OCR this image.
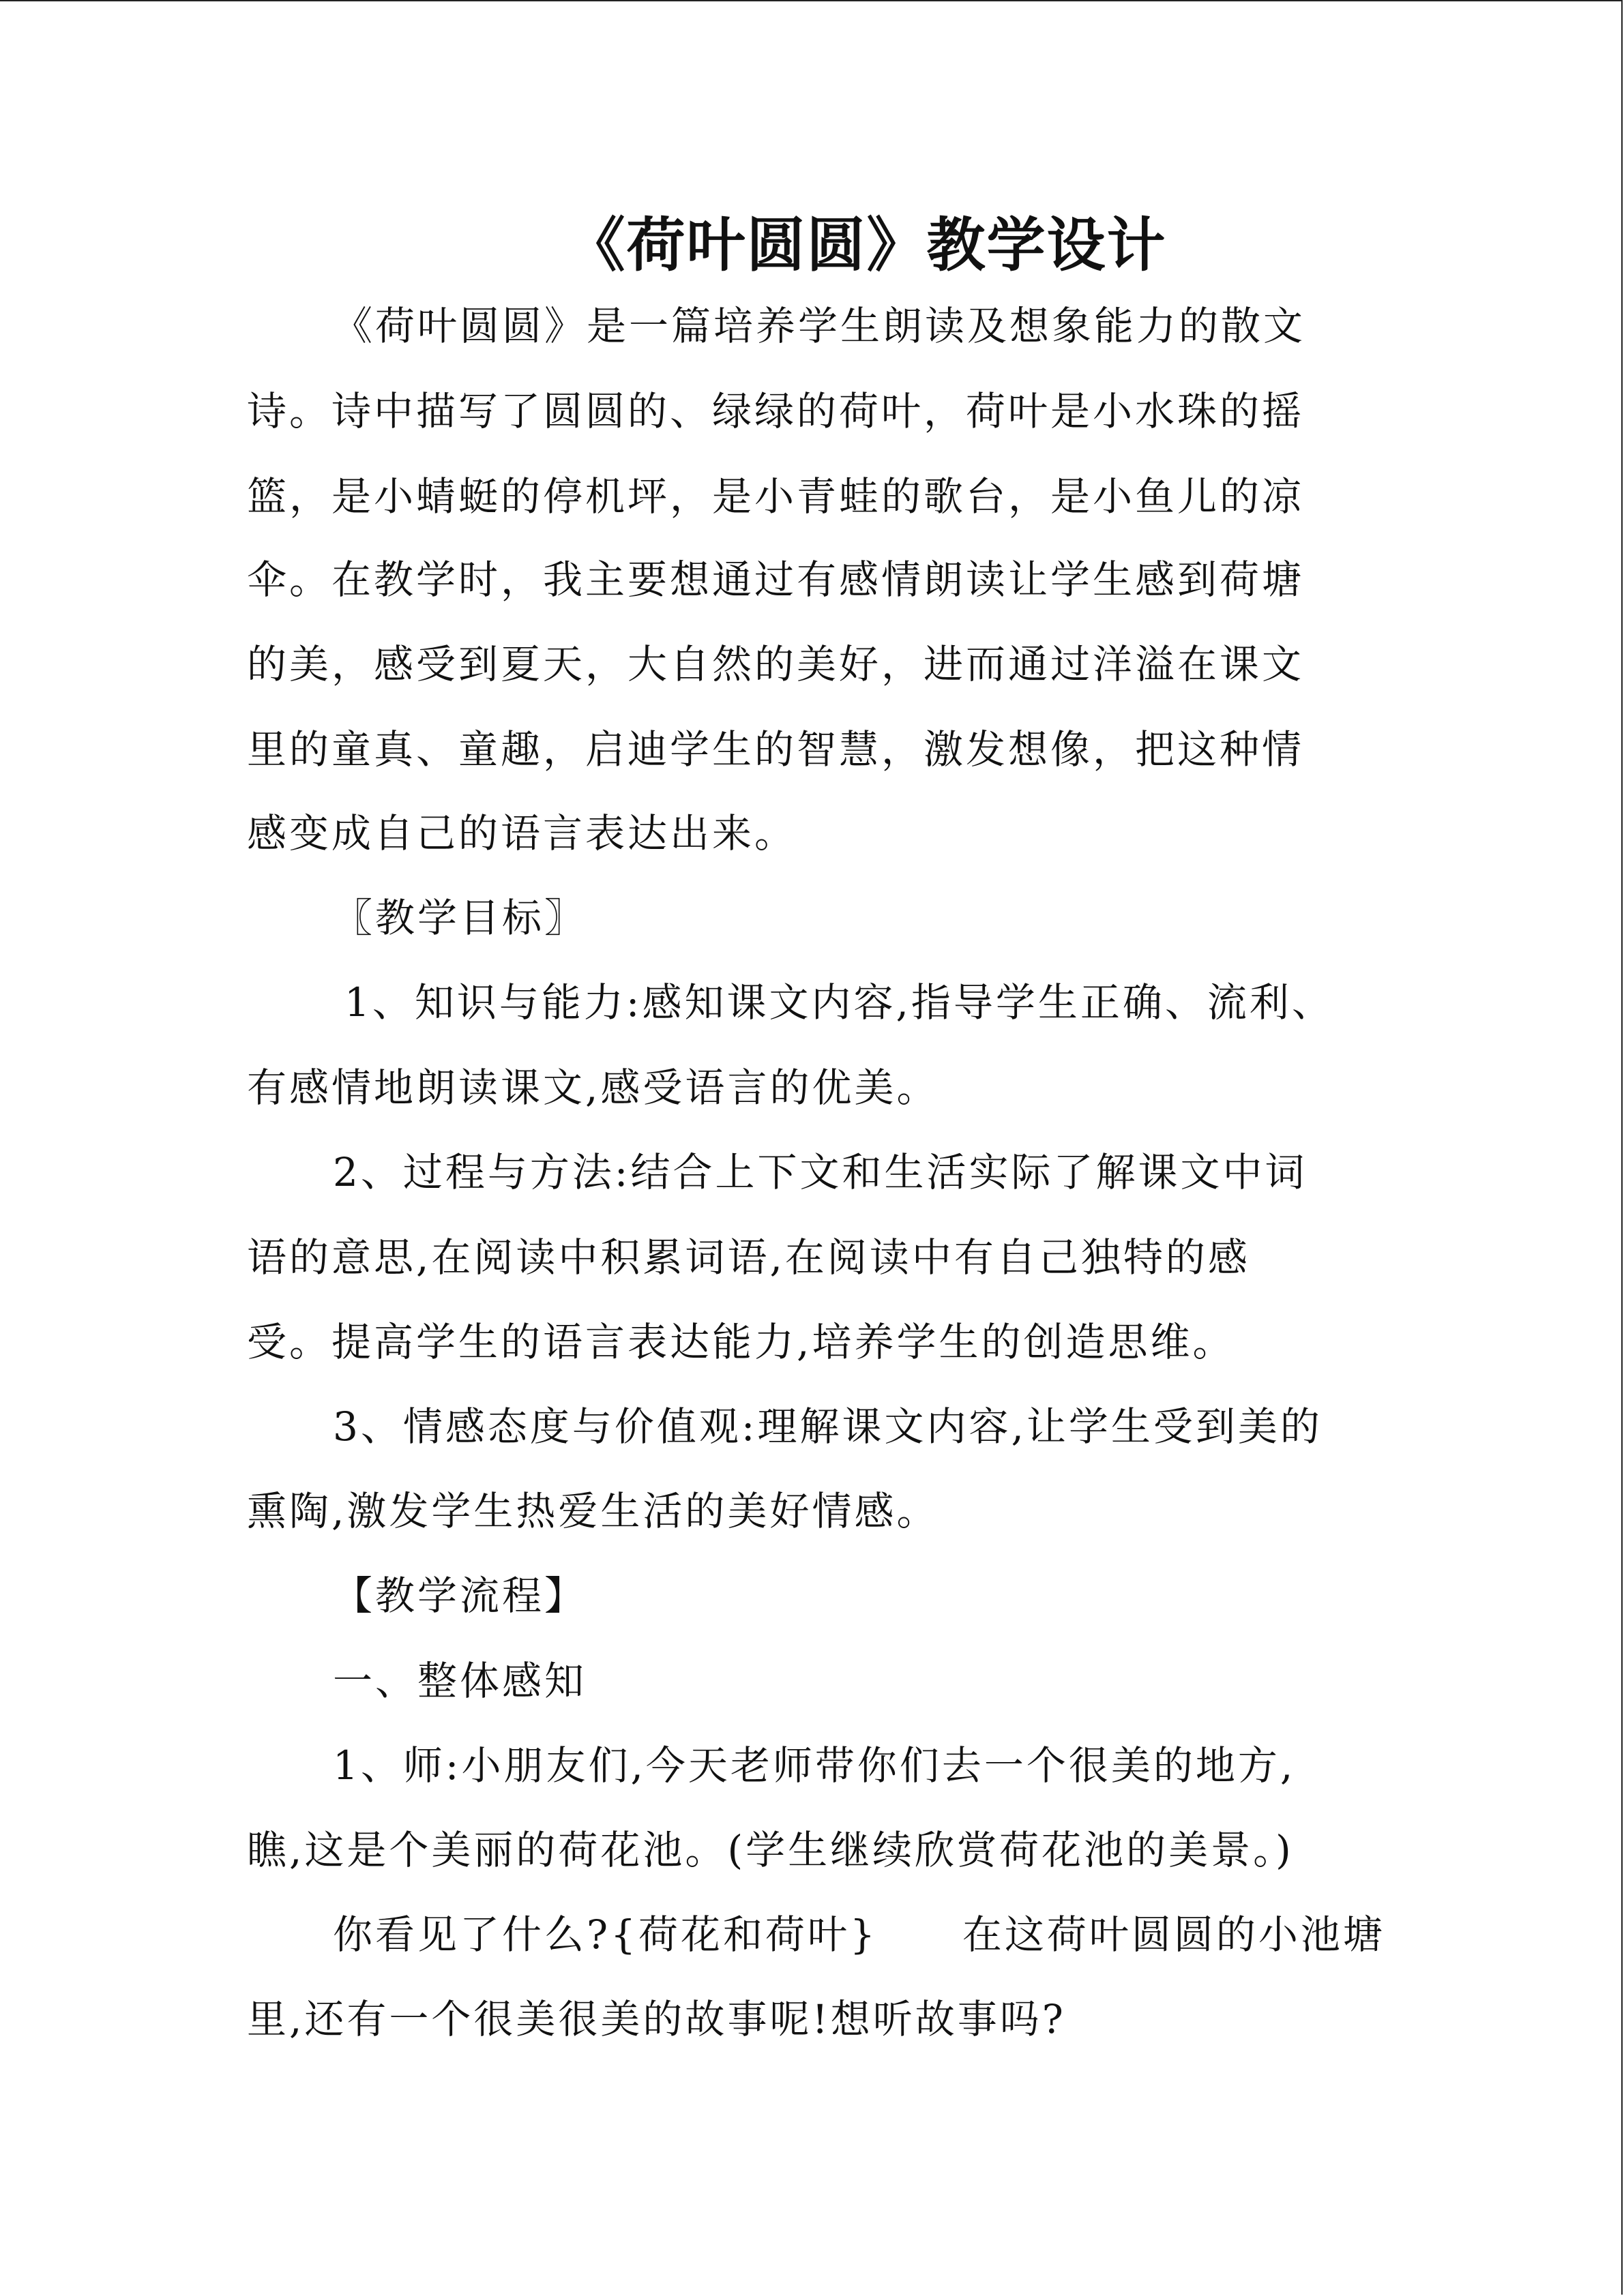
《荷叶圆圆》教学设计
《荷叶圆圆》是一篇培养学生朗读及想象能力的散文
诗。诗中描写了圆圆的、绿绿的荷叶，荷叶是小水珠的摇
篮，是小蜻蜓的停机坪，是小青蛙的歌台，是小鱼儿的凉
伞。在教学时，我主要想通过有感情朗读让学生感到荷塘
的美，感受到夏天，大自然的美好，进而通过洋溢在课文
里的童真、童趣，启迪学生的智慧，激发想像，把这种情
感变成自己的语言表达出来。
〖教学目标〗
1、知识与能力:感知课文内容,指导学生正确、流利、
有感情地朗读课文,感受语言的优美。
2、过程与方法:结合上下文和生活实际了解课文中词
语的意思,在阅读中积累词语,在阅读中有自己独特的感
受。提高学生的语言表达能力,培养学生的创造思维。
3、情感态度与价值观:理解课文内容,让学生受到美的
熏陶,激发学生热爱生活的美好情感。
【教学流程】
一、整体感知
1、师:小朋友们,今天老师带你们去一个很美的地方,
瞧,这是个美丽的荷花池。(学生继续欣赏荷花池的美景。)
你看见了什么?{荷花和荷叶}　　在这荷叶圆圆的小池塘
里,还有一个很美很美的故事呢!想听故事吗?
